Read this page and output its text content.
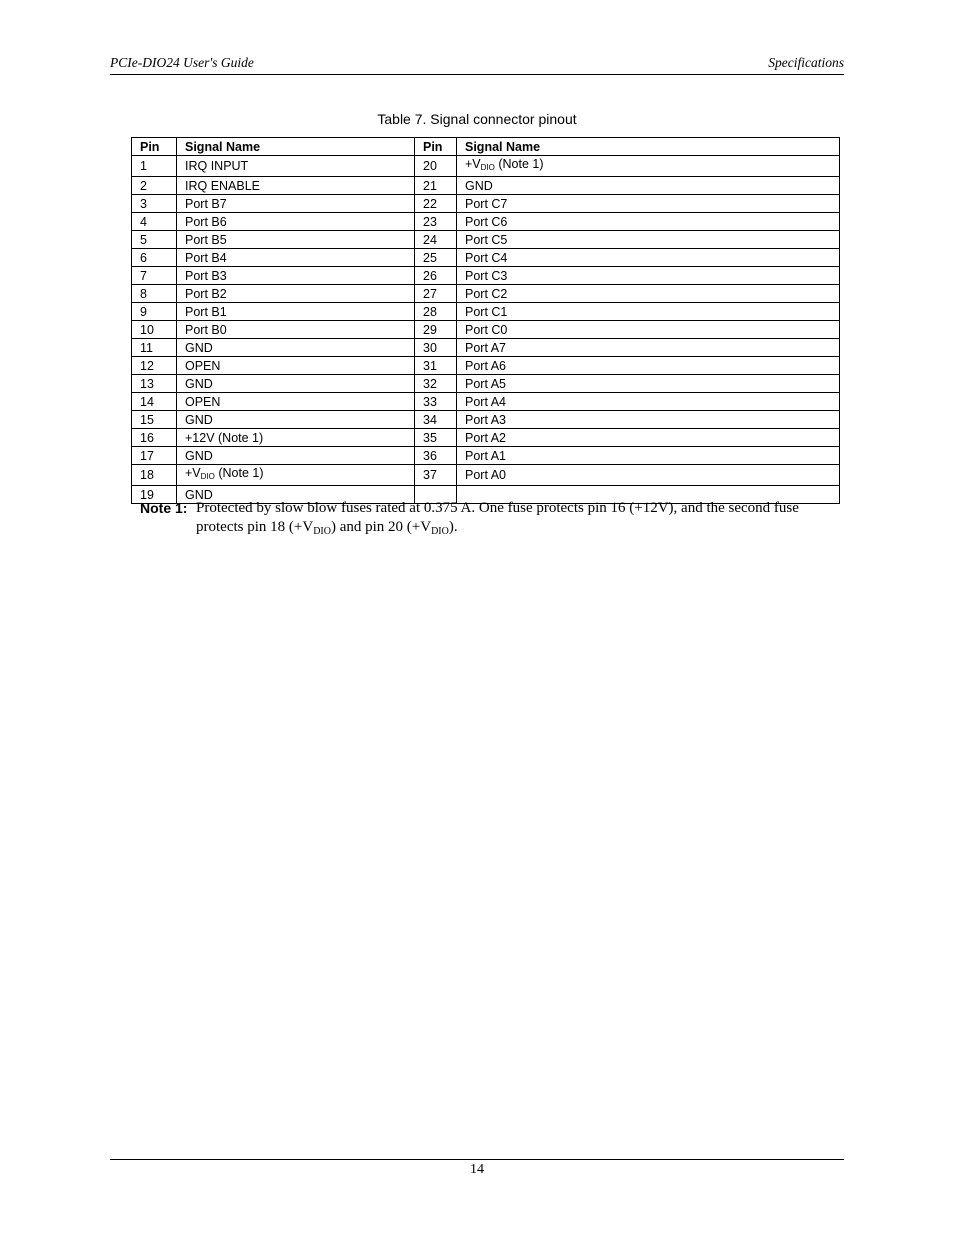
PCIe-DIO24 User's Guide	Specifications
Table 7. Signal connector pinout
Pin	Signal Name	Pin	Signal Name
1	IRQ INPUT	20	$+V_{DIO}$ (Note 1)
2	IRQ ENABLE	21	GND
3	Port B7	22	Port C7
4	Port B6	23	Port C6
5	Port B5	24	Port C5
6	Port B4	25	Port C4
7	Port B3	26	Port C3
8	Port B2	27	Port C2
9	Port B1	28	Port C1
10	Port B0	29	Port C0
11	GND	30	Port A7
12	OPEN	31	Port A6
13	GND	32	Port A5
14	OPEN	33	Port A4
15	GND	34	Port A3
16	+12V (Note 1)	35	Port A2
17	GND	36	Port A1
18	$+V_{DIO}$ (Note 1)	37	Port A0
19	GND		
Note 1: Protected by slow blow fuses rated at 0.375 A. One fuse protects pin 16 (+12V), and the second fuse protects pin 18 $(+V_{DIO})$ and pin 20 $(+V_{DIO})$.
14
